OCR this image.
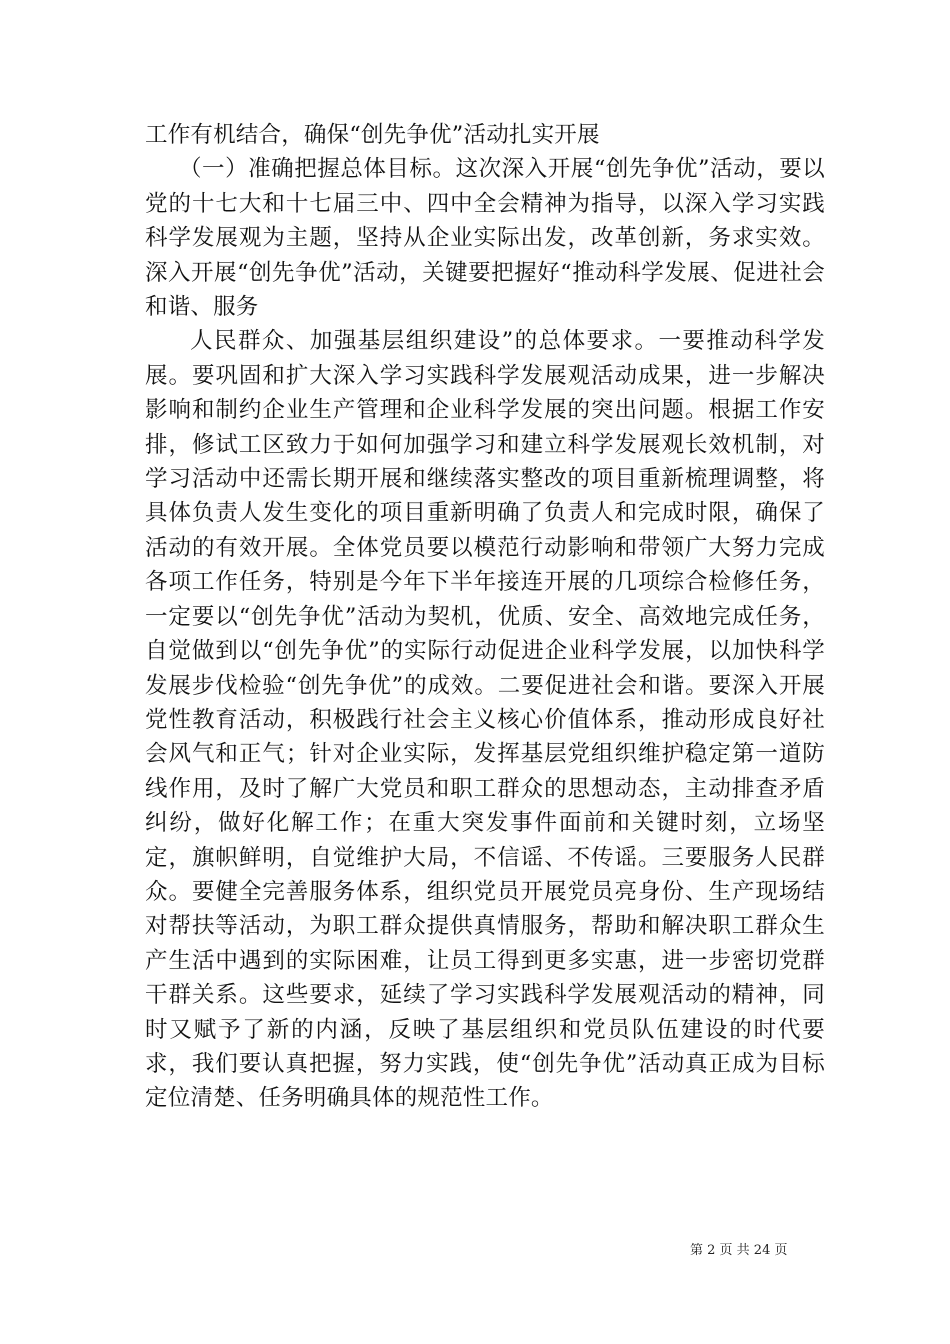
工作有机结合，确保“创先争优”活动扎实开展

（一）准确把握总体目标。这次深入开展“创先争优”活动，要以党的十七大和十七届三中、四中全会精神为指导，以深入学习实践科学发展观为主题，坚持从企业实际出发，改革创新，务求实效。深入开展“创先争优”活动，关键要把握好“推动科学发展、促进社会和谐、服务

人民群众、加强基层组织建设”的总体要求。一要推动科学发展。要巩固和扩大深入学习实践科学发展观活动成果，进一步解决影响和制约企业生产管理和企业科学发展的突出问题。根据工作安排，修试工区致力于如何加强学习和建立科学发展观长效机制，对学习活动中还需长期开展和继续落实整改的项目重新梳理调整，将具体负责人发生变化的项目重新明确了负责人和完成时限，确保了活动的有效开展。全体党员要以模范行动影响和带领广大努力完成各项工作任务，特别是今年下半年接连开展的几项综合检修任务，一定要以“创先争优”活动为契机，优质、安全、高效地完成任务，自觉做到以“创先争优”的实际行动促进企业科学发展，以加快科学发展步伐检验“创先争优”的成效。二要促进社会和谐。要深入开展党性教育活动，积极践行社会主义核心价值体系，推动形成良好社会风气和正气；针对企业实际，发挥基层党组织维护稳定第一道防线作用，及时了解广大党员和职工群众的思想动态，主动排查矛盾纠纷，做好化解工作；在重大突发事件面前和关键时刻，立场坚定，旗帜鲜明，自觉维护大局，不信谣、不传谣。三要服务人民群众。要健全完善服务体系，组织党员开展党员亮身份、生产现场结对帮扶等活动，为职工群众提供真情服务，帮助和解决职工群众生产生活中遇到的实际困难，让员工得到更多实惠，进一步密切党群干群关系。这些要求，延续了学习实践科学发展观活动的精神，同时又赋予了新的内涵，反映了基层组织和党员队伍建设的时代要求，我们要认真把握，努力实践，使“创先争优”活动真正成为目标定位清楚、任务明确具体的规范性工作。

第 2 页 共 24 页
